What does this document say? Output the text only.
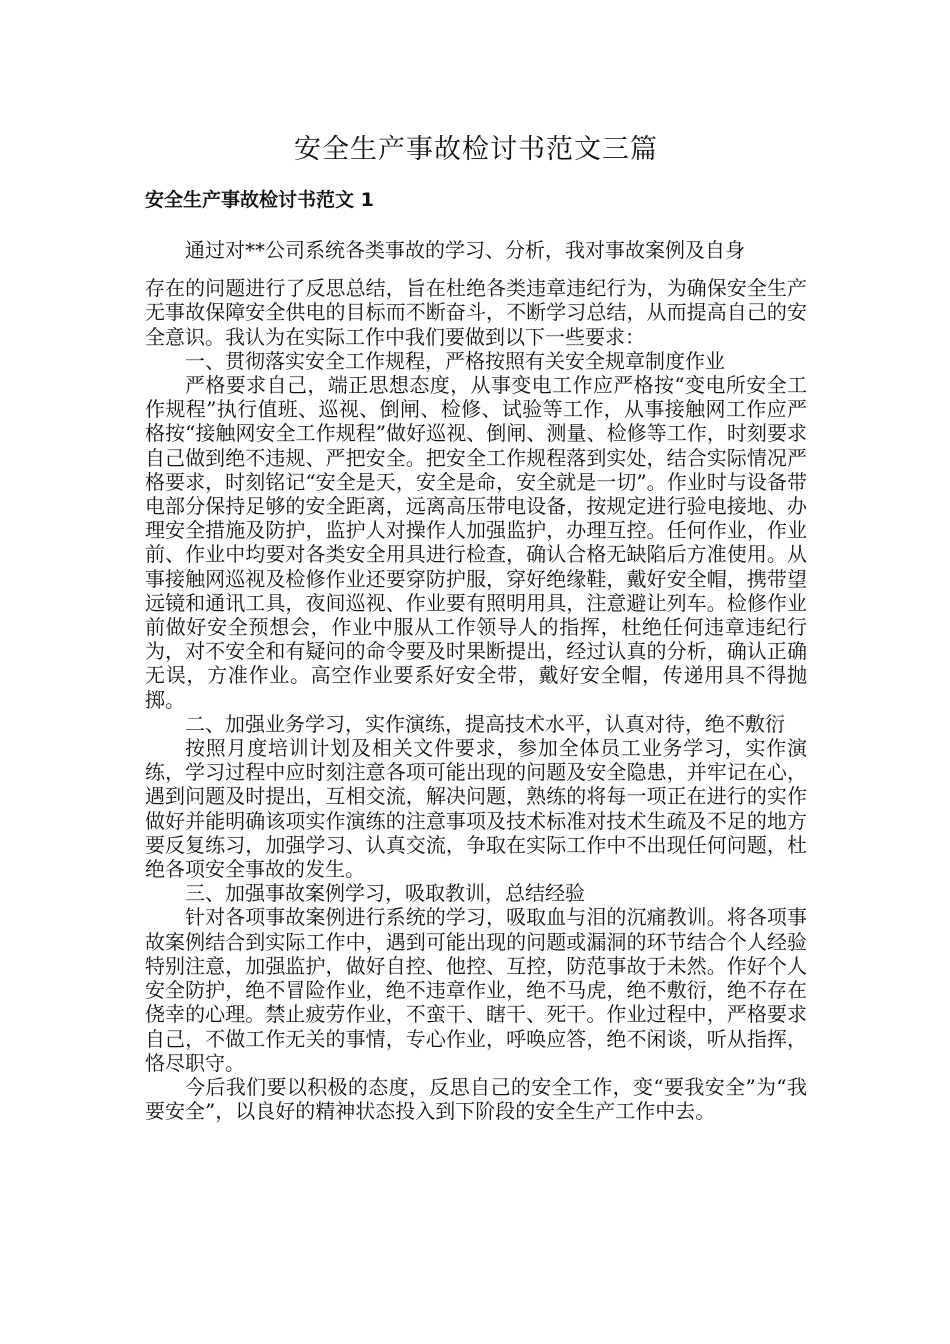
安全生产事故检讨书范文三篇
安全生产事故检讨书范文 1

通过对**公司系统各类事故的学习、分析，我对事故案例及自身
存在的问题进行了反思总结，旨在杜绝各类违章违纪行为，为确保安全生产无事故保障安全供电的目标而不断奋斗，不断学习总结，从而提高自己的安全意识。我认为在实际工作中我们要做到以下一些要求：

一、贯彻落实安全工作规程，严格按照有关安全规章制度作业

严格要求自己，端正思想态度，从事变电工作应严格按“变电所安全工作规程”执行值班、巡视、倒闸、检修、试验等工作，从事接触网工作应严格按“接触网安全工作规程”做好巡视、倒闸、测量、检修等工作，时刻要求自己做到绝不违规、严把安全。把安全工作规程落到实处，结合实际情况严格要求，时刻铭记“安全是天，安全是命，安全就是一切”。作业时与设备带电部分保持足够的安全距离，远离高压带电设备，按规定进行验电接地、办理安全措施及防护，监护人对操作人加强监护，办理互控。任何作业，作业前、作业中均要对各类安全用具进行检查，确认合格无缺陷后方准使用。从事接触网巡视及检修作业还要穿防护服，穿好绝缘鞋，戴好安全帽，携带望远镜和通讯工具，夜间巡视、作业要有照明用具，注意避让列车。检修作业前做好安全预想会，作业中服从工作领导人的指挥，杜绝任何违章违纪行为，对不安全和有疑问的命令要及时果断提出，经过认真的分析，确认正确无误，方准作业。高空作业要系好安全带，戴好安全帽，传递用具不得抛掷。

二、加强业务学习，实作演练，提高技术水平，认真对待，绝不敷衍

按照月度培训计划及相关文件要求，参加全体员工业务学习，实作演练，学习过程中应时刻注意各项可能出现的问题及安全隐患，并牢记在心，遇到问题及时提出，互相交流，解决问题，熟练的将每一项正在进行的实作做好并能明确该项实作演练的注意事项及技术标准对技术生疏及不足的地方要反复练习，加强学习、认真交流，争取在实际工作中不出现任何问题，杜绝各项安全事故的发生。

三、加强事故案例学习，吸取教训，总结经验

针对各项事故案例进行系统的学习，吸取血与泪的沉痛教训。将各项事故案例结合到实际工作中，遇到可能出现的问题或漏洞的环节结合个人经验特别注意，加强监护，做好自控、他控、互控，防范事故于未然。作好个人安全防护，绝不冒险作业，绝不违章作业，绝不马虎，绝不敷衍，绝不存在侥幸的心理。禁止疲劳作业，不蛮干、瞎干、死干。作业过程中，严格要求自己，不做工作无关的事情，专心作业，呼唤应答，绝不闲谈，听从指挥，恪尽职守。

今后我们要以积极的态度，反思自己的安全工作，变“要我安全”为“我要安全”，以良好的精神状态投入到下阶段的安全生产工作中去。
